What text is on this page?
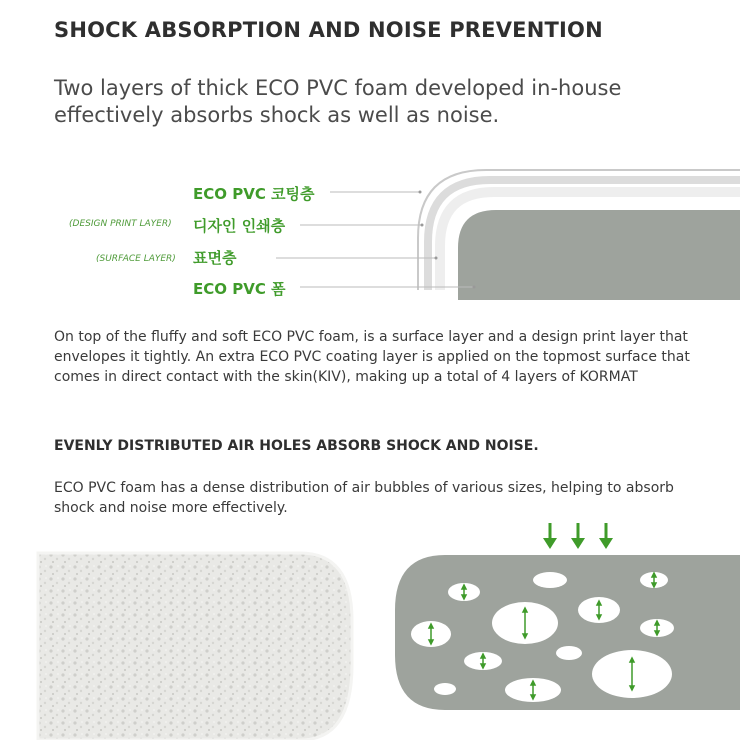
SHOCK ABSORPTION AND NOISE PREVENTION
Two layers of thick ECO PVC foam developed in-house effectively absorbs shock as well as noise.
ECO PVC 코팅층
(DESIGN PRINT LAYER) 디자인 인쇄층
(SURFACE LAYER) 표면층
ECO PVC 폼
On top of the fluffy and soft ECO PVC foam, is a surface layer and a design print layer that envelopes it tightly. An extra ECO PVC coating layer is applied on the topmost surface that comes in direct contact with the skin(KIV), making up a total of 4 layers of KORMAT
EVENLY DISTRIBUTED AIR HOLES ABSORB SHOCK AND NOISE.
ECO PVC foam has a dense distribution of air bubbles of various sizes, helping to absorb shock and noise more effectively.
